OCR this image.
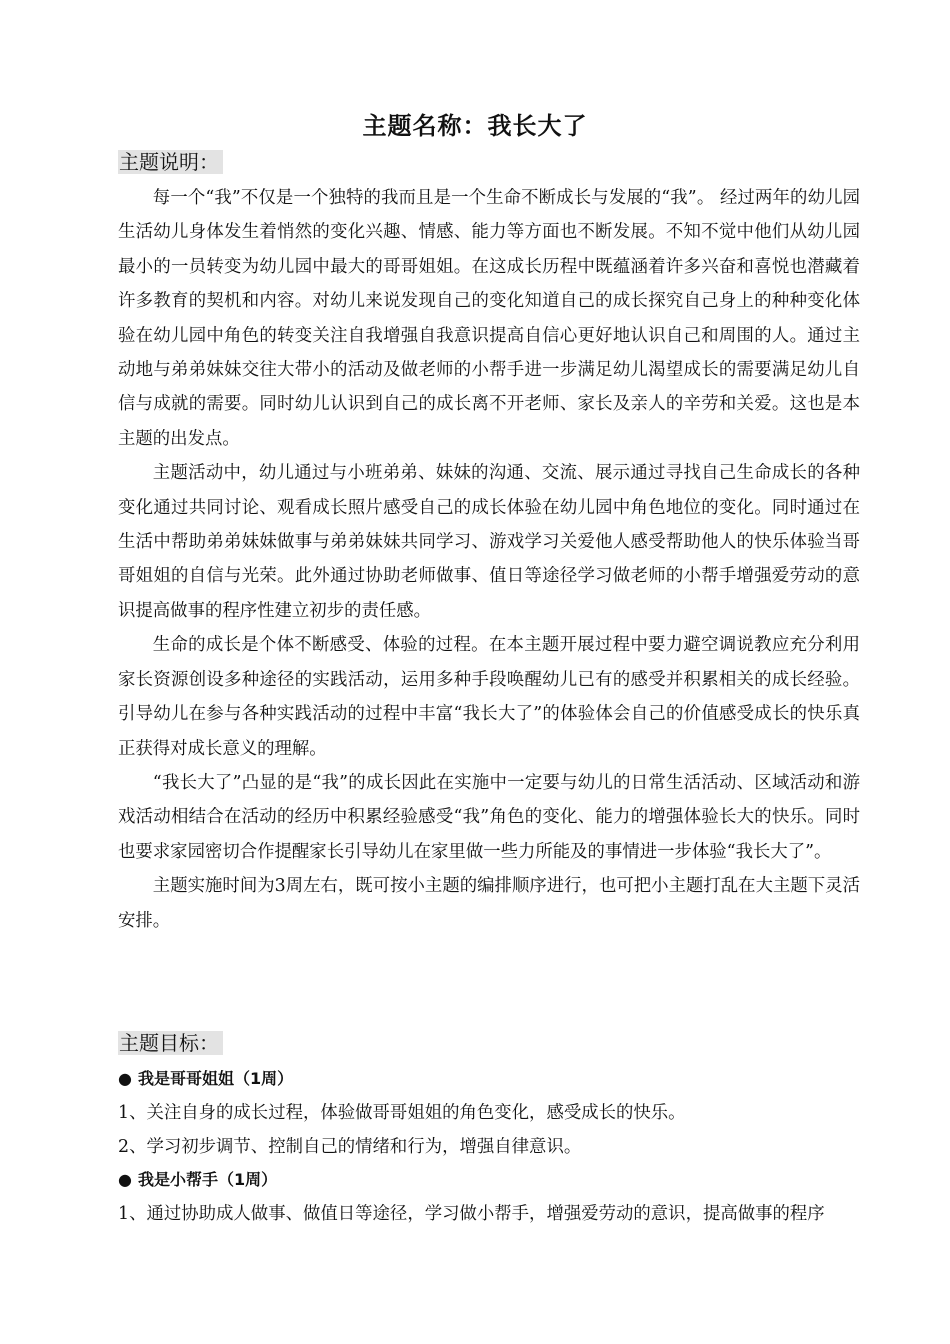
主题名称：我长大了
主题说明：

每一个“我”不仅是一个独特的我而且是一个生命不断成长与发展的“我”。 经过两年的幼儿园生活幼儿身体发生着悄然的变化兴趣、情感、能力等方面也不断发展。不知不觉中他们从幼儿园最小的一员转变为幼儿园中最大的哥哥姐姐。在这成长历程中既蕴涵着许多兴奋和喜悦也潜藏着许多教育的契机和内容。对幼儿来说发现自己的变化知道自己的成长探究自己身上的种种变化体验在幼儿园中角色的转变关注自我增强自我意识提高自信心更好地认识自己和周围的人。通过主动地与弟弟妹妹交往大带小的活动及做老师的小帮手进一步满足幼儿渴望成长的需要满足幼儿自信与成就的需要。同时幼儿认识到自己的成长离不开老师、家长及亲人的辛劳和关爱。这也是本主题的出发点。

主题活动中，幼儿通过与小班弟弟、妹妹的沟通、交流、展示通过寻找自己生命成长的各种变化通过共同讨论、观看成长照片感受自己的成长体验在幼儿园中角色地位的变化。同时通过在生活中帮助弟弟妹妹做事与弟弟妹妹共同学习、游戏学习关爱他人感受帮助他人的快乐体验当哥哥姐姐的自信与光荣。此外通过协助老师做事、值日等途径学习做老师的小帮手增强爱劳动的意识提高做事的程序性建立初步的责任感。

生命的成长是个体不断感受、体验的过程。在本主题开展过程中要力避空调说教应充分利用家长资源创设多种途径的实践活动，运用多种手段唤醒幼儿已有的感受并积累相关的成长经验。引导幼儿在参与各种实践活动的过程中丰富“我长大了”的体验体会自己的价值感受成长的快乐真正获得对成长意义的理解。

“我长大了”凸显的是“我”的成长因此在实施中一定要与幼儿的日常生活活动、区域活动和游戏活动相结合在活动的经历中积累经验感受“我”角色的变化、能力的增强体验长大的快乐。同时也要求家园密切合作提醒家长引导幼儿在家里做一些力所能及的事情进一步体验“我长大了”。

主题实施时间为3周左右，既可按小主题的编排顺序进行，也可把小主题打乱在大主题下灵活安排。

主题目标：
● 我是哥哥姐姐（1周）
1、关注自身的成长过程，体验做哥哥姐姐的角色变化，感受成长的快乐。
2、学习初步调节、控制自己的情绪和行为，增强自律意识。
● 我是小帮手（1周）
1、通过协助成人做事、做值日等途径，学习做小帮手，增强爱劳动的意识，提高做事的程序
